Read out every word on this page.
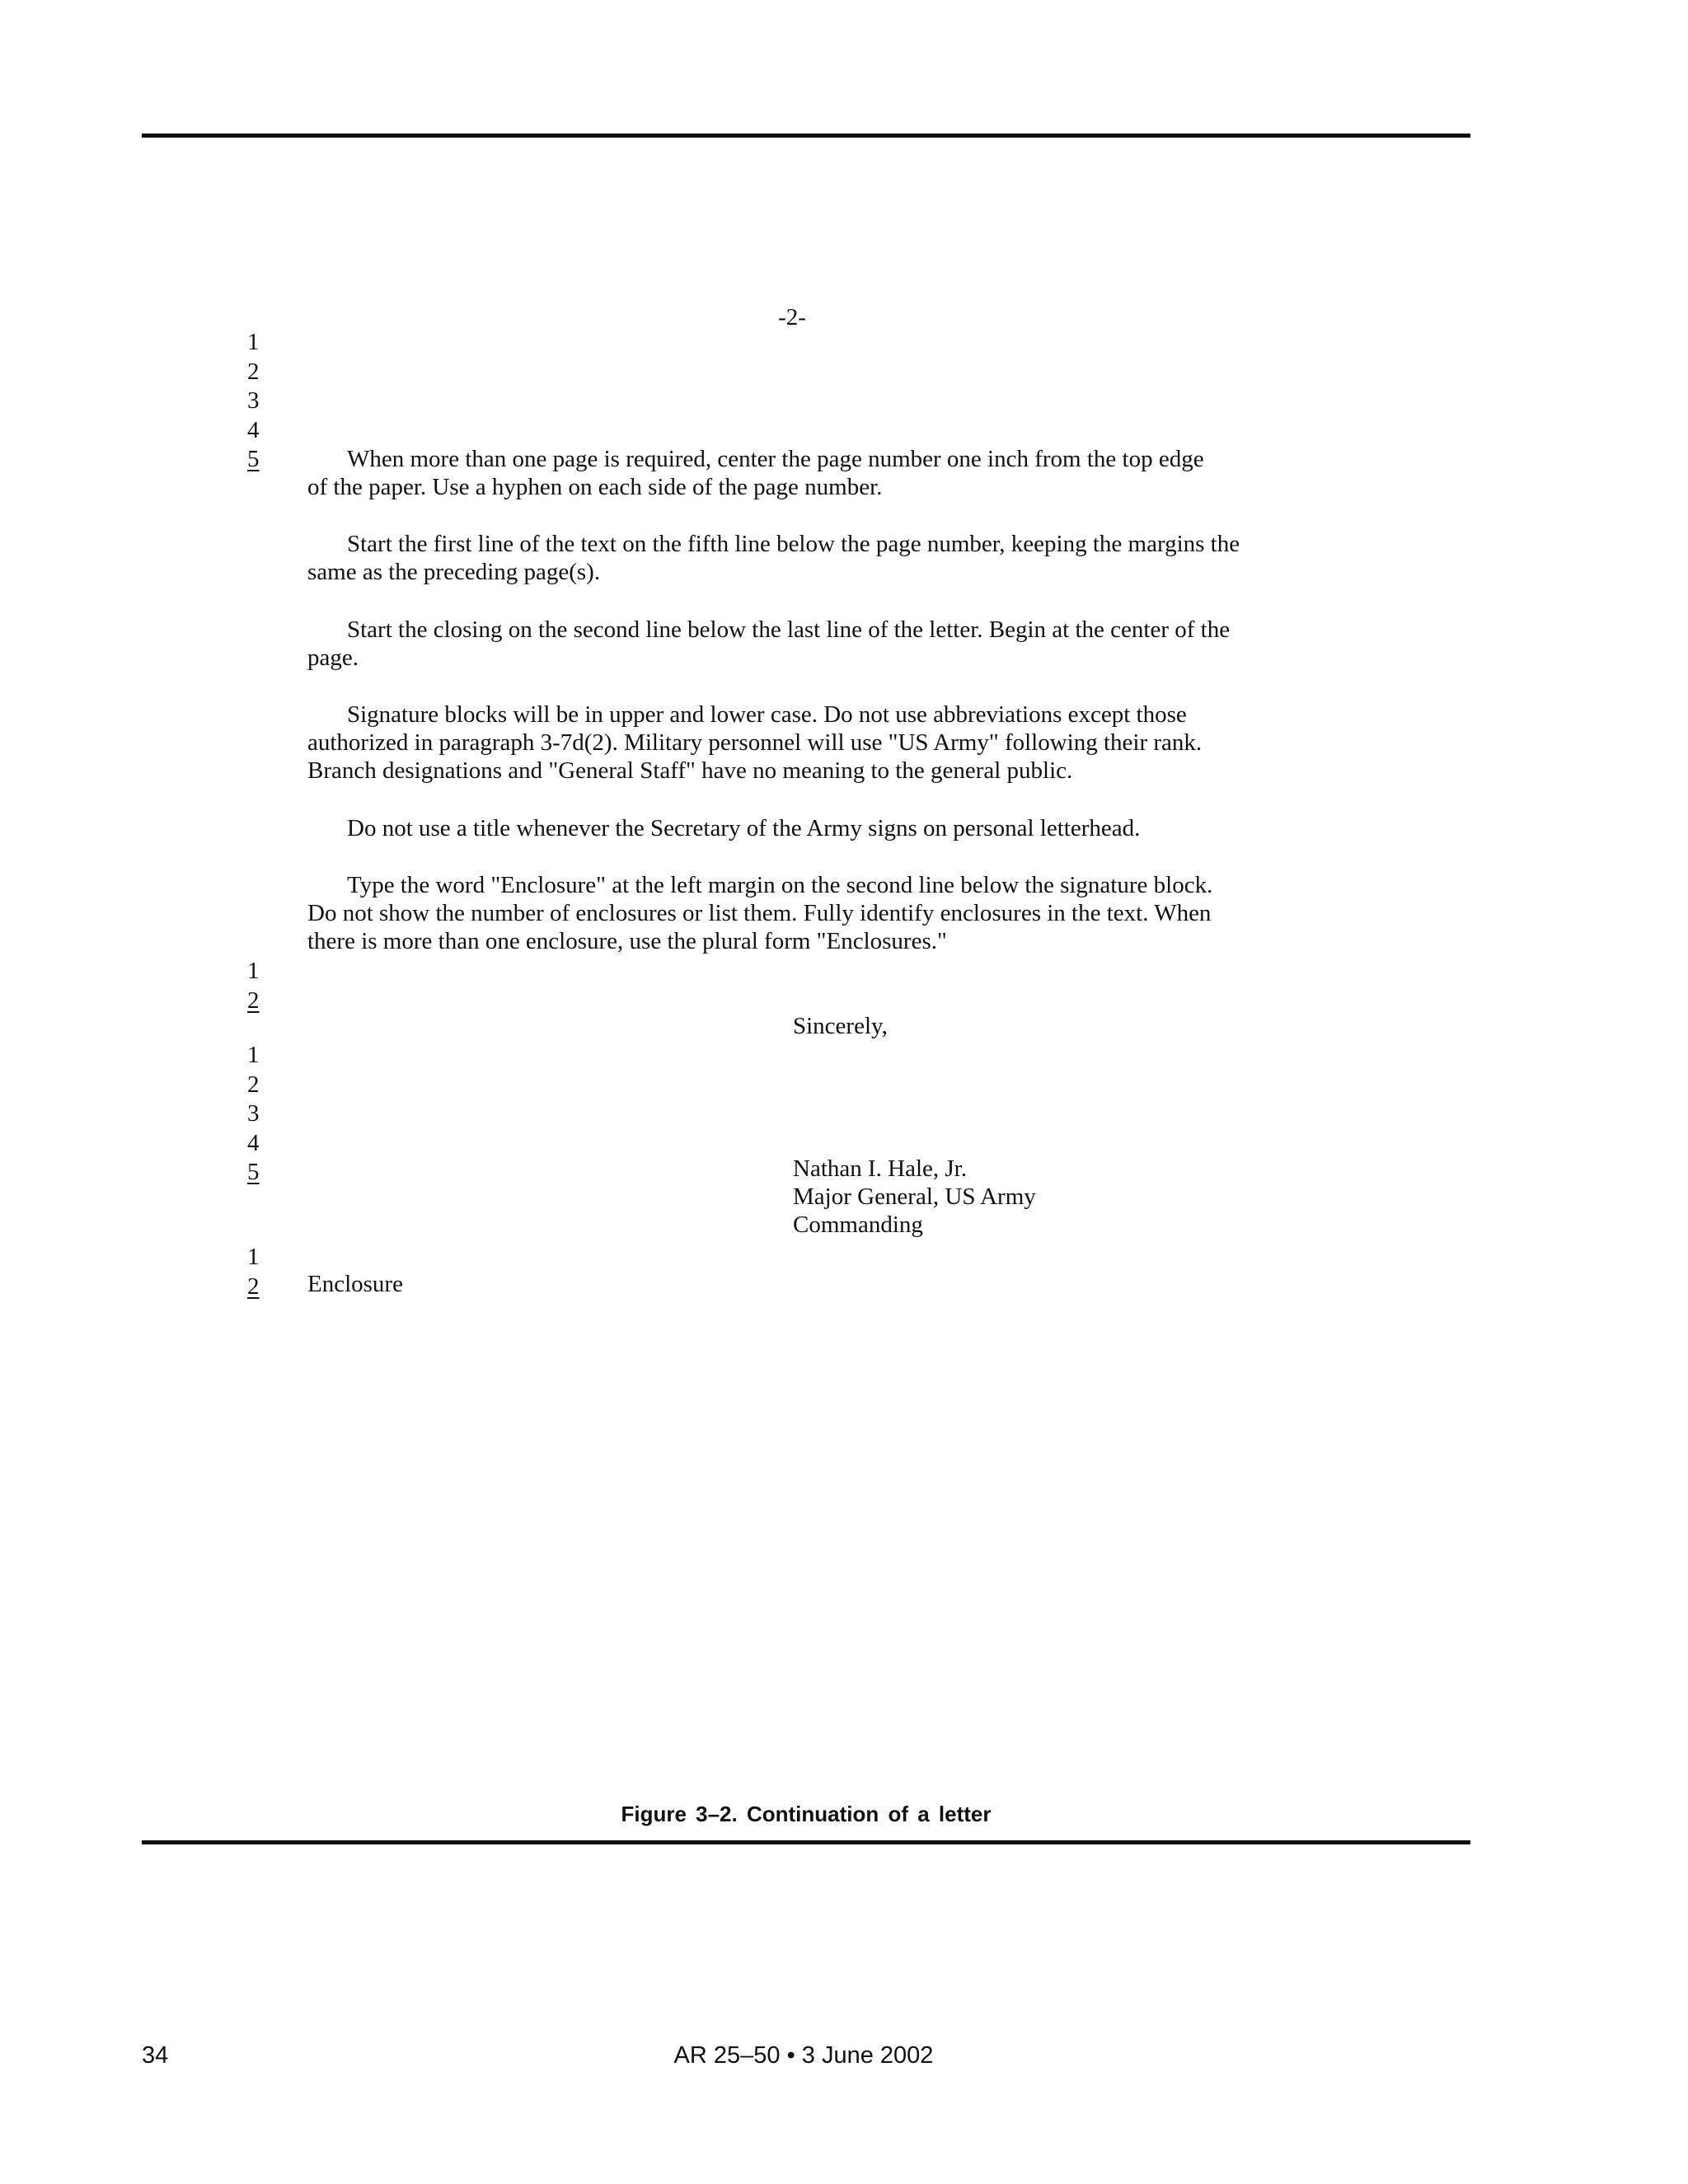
-2-

1
2
3
4
5	When more than one page is required, center the page number one inch from the top edge
of the paper. Use a hyphen on each side of the page number.
Start the first line of the text on the fifth line below the page number, keeping the margins the
same as the preceding page(s).
Start the closing on the second line below the last line of the letter. Begin at the center of the
page.
Signature blocks will be in upper and lower case. Do not use abbreviations except those
authorized in paragraph 3-7d(2). Military personnel will use "US Army" following their rank.
Branch designations and "General Staff" have no meaning to the general public.
Do not use a title whenever the Secretary of the Army signs on personal letterhead.
Type the word "Enclosure" at the left margin on the second line below the signature block.
Do not show the number of enclosures or list them. Fully identify enclosures in the text. When
there is more than one enclosure, use the plural form "Enclosures."
1
2

Sincerely,

1
2
3
4
5	Nathan I. Hale, Jr.
Major General, US Army
Commanding
1
2	Enclosure

Figure 3–2. Continuation of a letter

34	AR 25–50 • 3 June 2002
